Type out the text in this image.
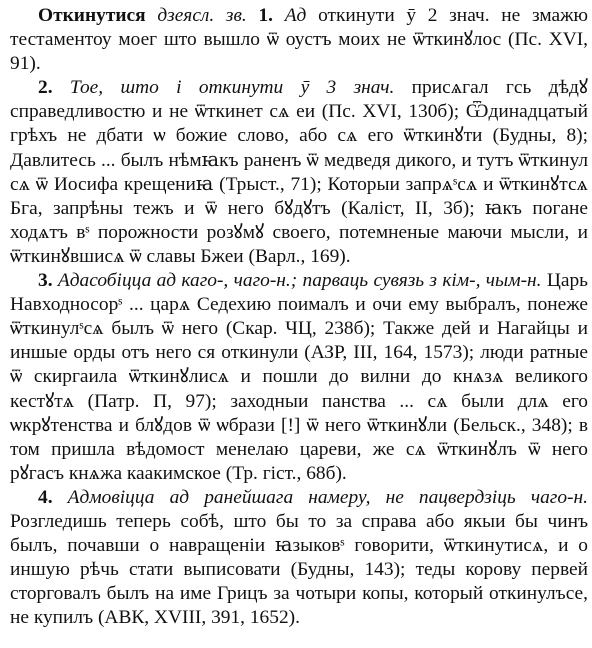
Откинутися дзеясл. зв. 1. Ад откинути ӯ 2 знач. не змажю тестаментоу моег што вышло ѿ оустъ моих не ѿткинꙋлос (Пс. XVI, 91).

2. Тое, што і откинути ӯ 3 знач. присѧгал гсь дѣдꙋ справедливостю и не ѿткинет сѧ еи (Пс. XVI, 130б); Ѿдинадцатый грѣхъ не дбати ѡ божие слово, або сѧ его ѿткинꙋти (Будны, 8); Давлитесь ... былъ нѣмꙗкъ раненъ ѿ медведя дикого, и тутъ ѿткинул сѧ ѿ Иосифа крещениꙗ (Трыст., 71); Которыи запрѧˢсѧ и ѿткинꙋтсѧ Бга, запрѣны тежъ и ѿ него бꙋдꙋтъ (Каліст, II, 3б); ꙗкъ погане ходѧтъ вˢ порожности розꙋмꙋ своего, потемненые маючи мысли, и ѿткинꙋвшисѧ ѿ славы Бжеи (Варл., 169).

3. Адасобіцца ад каго-, чаго-н.; парваць сувязь з кім-, чым-н. Царь Навходносорˢ ... царѧ Седехию поималъ и очи ему выбралъ, понеже ѿткинулˢсѧ былъ ѿ него (Скар. ЧЦ, 238б); Также дей и Нагайцы и иншые орды отъ него ся откинули (АЗР, III, 164, 1573); люди ратные ѿ скиргаила ѿткинꙋлисѧ и пошли до вилни до кнѧзѧ великого кестꙋтѧ (Патр. П, 97); заходныи панства ... сѧ были длѧ его ѡкрꙋтенства и блꙋдов ѿ ѡбрази [!] ѿ него ѿткинꙋли (Бельск., 348); в том пришла вѣдомост менелаю цареви, же сѧ ѿткинꙋлъ ѿ него рꙋгасъ кнѧжа каакимское (Тр. гіст., 68б).

4. Адмовіцца ад ранейшага намеру, не пацвердзіць чаго-н. Розгледишь теперь собѣ, што бы то за справа або якыи бы чинъ былъ, почавши о навращеніи ꙗзыковˢ говорити, ѿткинутисѧ, и о иншую рѣчь стати выписовати (Будны, 143); теды корову первей сторговалъ былъ на име Грицъ за чотыри копы, который откинулъсе, не купилъ (АВК, XVIII, 391, 1652).
